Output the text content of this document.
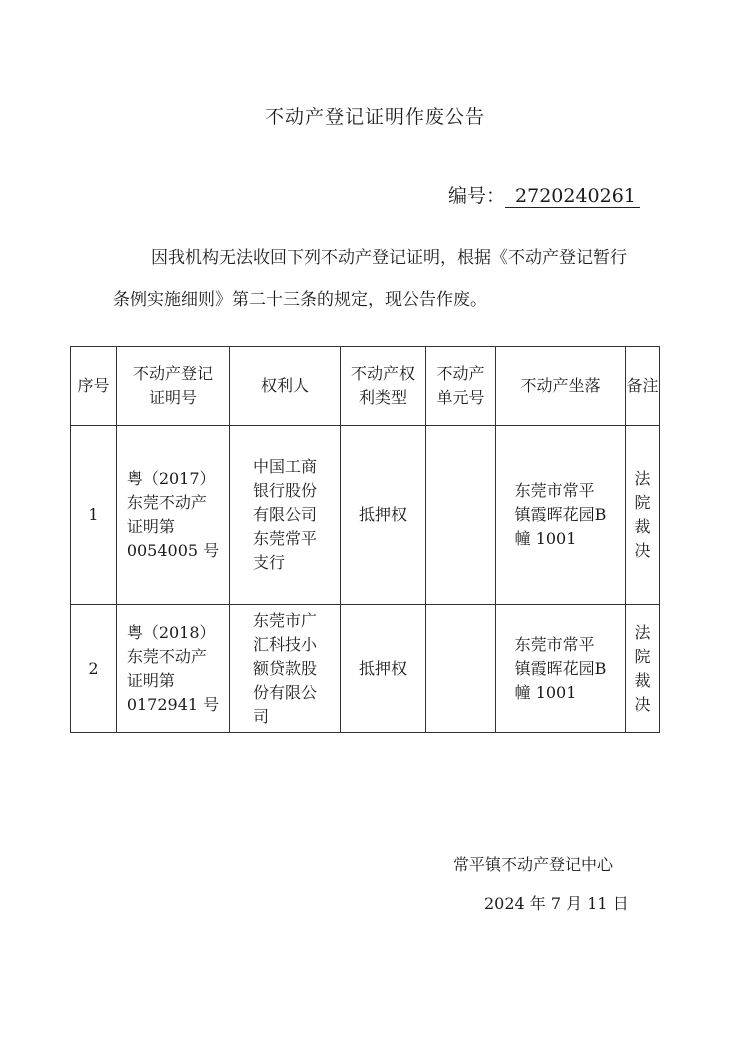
不动产登记证明作废公告
编号： 2720240261
因我机构无法收回下列不动产登记证明，根据《不动产登记暂行
条例实施细则》第二十三条的规定，现公告作废。
序号	不动产登记
证明号	权利人	不动产权
利类型	不动产
单元号	不动产坐落	备注
1	粤（2017）
东莞不动产
证明第
0054005 号	中国工商
银行股份
有限公司
东莞常平
支行	抵押权		东莞市常平
镇霞晖花园B
幢 1001	法
院
裁
决
2	粤（2018）
东莞不动产
证明第
0172941 号	东莞市广
汇科技小
额贷款股
份有限公
司	抵押权		东莞市常平
镇霞晖花园B
幢 1001	法
院
裁
决
常平镇不动产登记中心
2024 年 7 月 11 日
